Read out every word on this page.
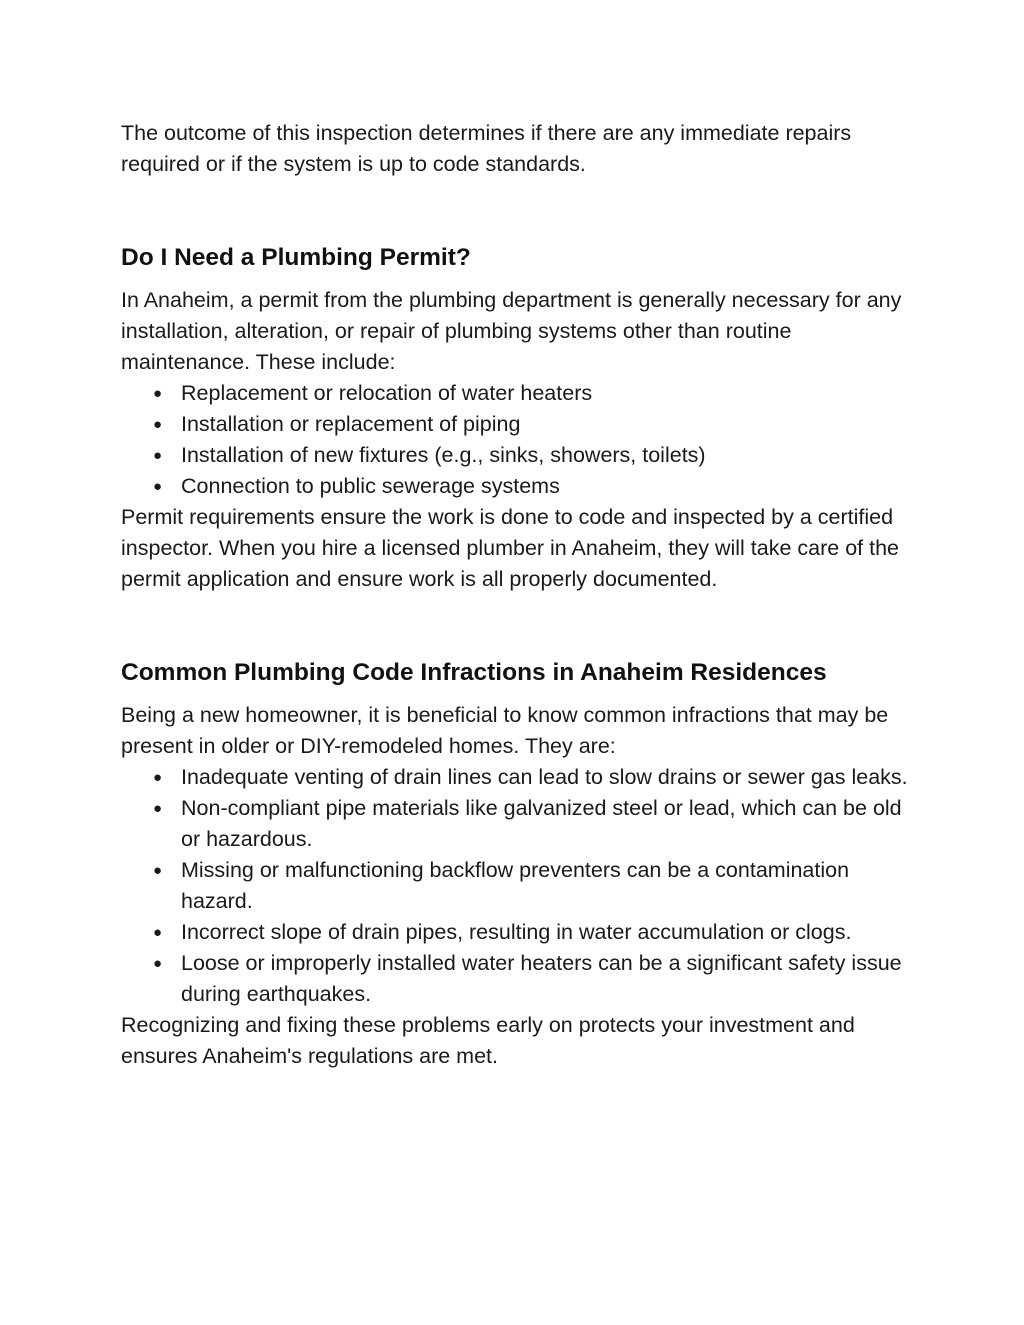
The outcome of this inspection determines if there are any immediate repairs required or if the system is up to code standards.

Do I Need a Plumbing Permit?

In Anaheim, a permit from the plumbing department is generally necessary for any installation, alteration, or repair of plumbing systems other than routine maintenance. These include:

● Replacement or relocation of water heaters
● Installation or replacement of piping
● Installation of new fixtures (e.g., sinks, showers, toilets)
● Connection to public sewerage systems

Permit requirements ensure the work is done to code and inspected by a certified inspector. When you hire a licensed plumber in Anaheim, they will take care of the permit application and ensure work is all properly documented.

Common Plumbing Code Infractions in Anaheim Residences

Being a new homeowner, it is beneficial to know common infractions that may be present in older or DIY-remodeled homes. They are:

● Inadequate venting of drain lines can lead to slow drains or sewer gas leaks.
● Non-compliant pipe materials like galvanized steel or lead, which can be old or hazardous.
● Missing or malfunctioning backflow preventers can be a contamination hazard.
● Incorrect slope of drain pipes, resulting in water accumulation or clogs.
● Loose or improperly installed water heaters can be a significant safety issue during earthquakes.

Recognizing and fixing these problems early on protects your investment and ensures Anaheim's regulations are met.
